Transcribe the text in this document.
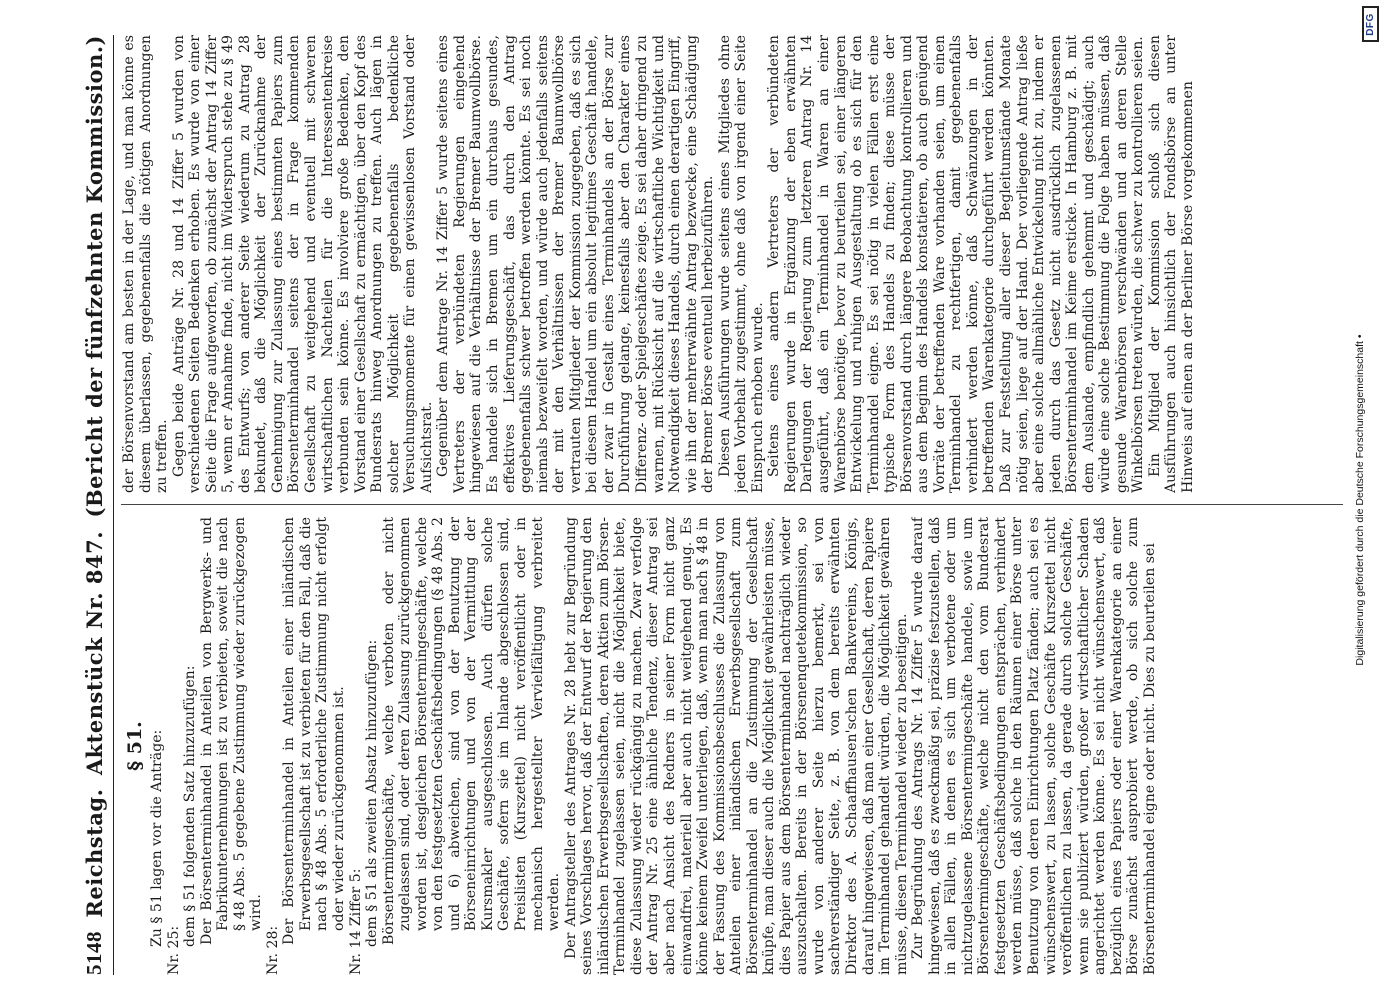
5148
Reichstag.
Aktenstück Nr. 847.
(Bericht der fünfzehnten Kommission.)

§ 51. Zu § 51 lagen vor die Anträge:

Nr. 25:

dem § 51 folgenden Satz hinzuzufügen: Der Börsenterminhandel in Anteilen von Bergwerks- und Fabrikunternehmungen ist zu verbieten, soweit die nach § 48 Abs. 5 gegebene Zustimmung wieder zurückgezogen wird.

Nr. 28:

Der Börsenterminhandel in Anteilen einer inländischen Erwerbsgesellschaft ist zu verbieten für den Fall, daß die nach § 48 Abs. 5 erforderliche Zustimmung nicht erfolgt oder wieder zurückgenommen ist. Nr. 14 Ziffer 5: dem § 51 als zweiten Absatz hinzuzufügen: Börsentermingeschäfte, welche verboten oder nicht zugelassen sind, oder deren Zulassung zurückgenommen worden ist, desgleichen Börsentermingeschäfte, welche von den festgesetzten Geschäftsbedingungen (§ 48 Abs. 2 und 6) abweichen, sind von der Benutzung der Börseneinrichtungen und von der Vermittlung der Kursmakler ausgeschlossen. Auch dürfen solche Geschäfte, sofern sie im Inlande abgeschlossen sind, Preislisten (Kurszettel) nicht veröffentlicht oder in mechanisch hergestellter Vervielfältigung verbreitet werden. Der Antragsteller des Antrages Nr. 28 hebt zur Begründung seines Vorschlages hervor, daß der Entwurf der Regierung den inländischen Erwerbsgesellschaften, deren Aktien zum Börsen-Terminhandel zugelassen seien, nicht die Möglichkeit biete, diese Zulassung wieder rückgängig zu machen. Zwar verfolge der Antrag Nr. 25 eine ähnliche Tendenz, dieser Antrag sei aber nach Ansicht des Redners in seiner Form nicht ganz einwandfrei, materiell aber auch nicht weitgehend genug. Es könne keinem Zweifel unterliegen, daß, wenn man nach § 48 in der Fassung des Kommissionsbeschlusses die Zulassung von Anteilen einer inländischen Erwerbsgesellschaft zum Börsenterminhandel an die Zustimmung der Gesellschaft knüpfe, man dieser auch die Möglichkeit gewährleisten müsse, dies Papier aus dem Börsenterminhandel nachträglich wieder auszuschalten. Bereits in der Börsenenquetekommission, so wurde von anderer Seite hierzu bemerkt, sei von sachverständiger Seite, z. B. von dem bereits erwähnten Direktor des A. Schaaffhausen'schen Bankvereins, Königs, darauf hingewiesen, daß man einer Gesellschaft, deren Papiere im Terminhandel gehandelt würden, die Möglichkeit gewähren müsse, diesen Terminhandel wieder zu beseitigen. Zur Begründung des Antrags Nr. 14 Ziffer 5 wurde darauf hingewiesen, daß es zweckmäßig sei, präzise festzustellen, daß in allen Fällen, in denen es sich um verbotene oder um nichtzugelassene Börsentermingeschäfte handele, sowie um Börsentermingeschäfte, welche nicht den vom Bundesrat festgesetzten Geschäftsbedingungen entsprächen, verhindert werden müsse, daß solche in den Räumen einer Börse unter Benutzung von deren Einrichtungen Platz fänden; auch sei es wünschenswert, zu lassen, solche Geschäfte Kurszettel nicht veröffentlichen zu lassen, da gerade durch solche Geschäfte, wenn sie publiziert würden, großer wirtschaftlicher Schaden angerichtet werden könne. Es sei nicht wünschenswert, daß bezüglich eines Papiers oder einer Warenkategorie an einer Börse zunächst ausprobiert werde, ob sich solche zum Börsenterminhandel eigne oder nicht. Dies zu beurteilen sei

der Börsenvorstand am besten in der Lage, und man könne es diesem überlassen, gegebenenfalls die nötigen Anordnungen zu treffen. Gegen beide Anträge Nr. 28 und 14 Ziffer 5 wurden von verschiedenen Seiten Bedenken erhoben. Es wurde von einer Seite die Frage aufgeworfen, ob zunächst der Antrag 14 Ziffer 5, wenn er Annahme finde, nicht im Widerspruch stehe zu § 49 des Entwurfs; von anderer Seite wiederum zu Antrag 28 bekundet, daß die Möglichkeit der Zurücknahme der Genehmigung zur Zulassung eines bestimmten Papiers zum Börsenterminhandel seitens der in Frage kommenden Gesellschaft zu weitgehend und eventuell mit schweren wirtschaftlichen Nachteilen für die Interessentenkreise verbunden sein könne. Es involviere große Bedenken, den Vorstand einer Gesellschaft zu ermächtigen, über den Kopf des Bundesrats hinweg Anordnungen zu treffen. Auch lägen in solcher Möglichkeit gegebenenfalls bedenkliche Versuchungsmomente für einen gewissenlosen Vorstand oder Aufsichtsrat. Gegenüber dem Antrage Nr. 14 Ziffer 5 wurde seitens eines Vertreters der verbündeten Regierungen eingehend hingewiesen auf die Verhältnisse der Bremer Baumwollbörse. Es handele sich in Bremen um ein durchaus gesundes, effektives Lieferungsgeschäft, das durch den Antrag gegebenenfalls schwer betroffen werden könnte. Es sei noch niemals bezweifelt worden, und würde auch jedenfalls seitens der mit den Verhältnissen der Bremer Baumwollbörse vertrauten Mitglieder der Kommission zugegeben, daß es sich bei diesem Handel um ein absolut legitimes Geschäft handele, der zwar in Gestalt eines Terminhandels an der Börse zur Durchführung gelange, keinesfalls aber den Charakter eines Differenz- oder Spielgeschäftes zeige. Es sei daher dringend zu warnen, mit Rücksicht auf die wirtschaftliche Wichtigkeit und Notwendigkeit dieses Handels, durch einen derartigen Eingriff, wie ihn der mehrerwähnte Antrag bezwecke, eine Schädigung der Bremer Börse eventuell herbeizuführen. Diesen Ausführungen wurde seitens eines Mitgliedes ohne jeden Vorbehalt zugestimmt, ohne daß von irgend einer Seite Einspruch erhoben wurde. Seitens eines andern Vertreters der verbündeten Regierungen wurde in Ergänzung der eben erwähnten Darlegungen der Regierung zum letzteren Antrag Nr. 14 ausgeführt, daß ein Terminhandel in Waren an einer Warenbörse benötige, bevor zu beurteilen sei, einer längeren Entwickelung und ruhigen Ausgestaltung ob es sich für den Terminhandel eigne. Es sei nötig in vielen Fällen erst eine typische Form des Handels zu finden; diese müsse der Börsenvorstand durch längere Beobachtung kontrollieren und aus dem Beginn des Handels konstatieren, ob auch genügend Vorräte der betreffenden Ware vorhanden seien, um einen Terminhandel zu rechtfertigen, damit gegebenenfalls verhindert werden könne, daß Schwänzungen in der betreffenden Warenkategorie durchgeführt werden könnten. Daß zur Feststellung aller dieser Begleitumstände Monate nötig seien, liege auf der Hand. Der vorliegende Antrag ließe aber eine solche allmähliche Entwickelung nicht zu, indem er jeden durch das Gesetz nicht ausdrücklich zugelassenen Börsenterminhandel im Keime ersticke. In Hamburg z. B. mit dem Auslande, empfindlich gehemmt und geschädigt; auch würde eine solche Bestimmung die Folge haben müssen, daß gesunde Warenbörsen verschwänden und an deren Stelle Winkelbörsen treten würden, die schwer zu kontrollieren seien. Ein Mitglied der Kommission schloß sich diesen Ausführungen auch hinsichtlich der Fondsbörse an unter Hinweis auf einen an der Berliner Börse vorgekommenen

Digitalisierung gefördert durch die Deutsche Forschungsgemeinschaft •
DFG
